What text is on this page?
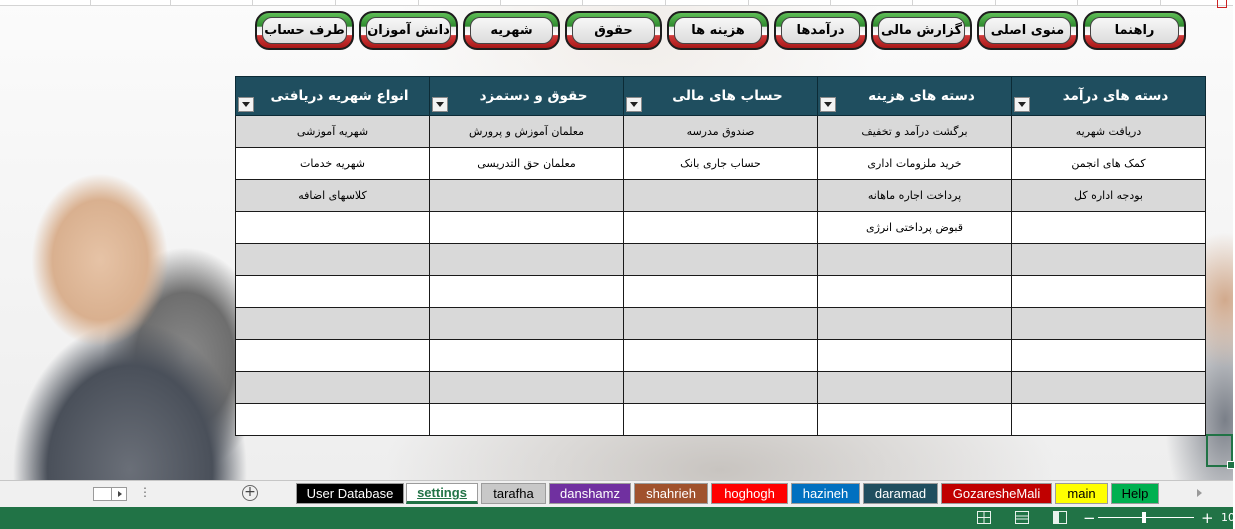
راهنما
منوی اصلی
گزارش مالی
درآمدها
هزینه ها
حقوق
شهریه
دانش آموزان
طرف حساب
انواع شهریه دریافتی	حقوق و دستمزد	حساب های مالی	دسته های هزینه	دسته های درآمد
شهریه آموزشی	معلمان آموزش و پرورش	صندوق مدرسه	برگشت درآمد و تخفیف	دریافت شهریه
شهریه خدمات	معلمان حق التدریسی	حساب جاری بانک	خرید ملزومات اداری	کمک های انجمن
کلاسهای اضافه			پرداخت اجاره ماهانه	بودجه اداره کل
			قبوض پرداختی انرژی	

⋮	+	User Database settings tarafha danshamz shahrieh hoghogh hazineh daramad GozaresheMali main Help
−	+ 10
